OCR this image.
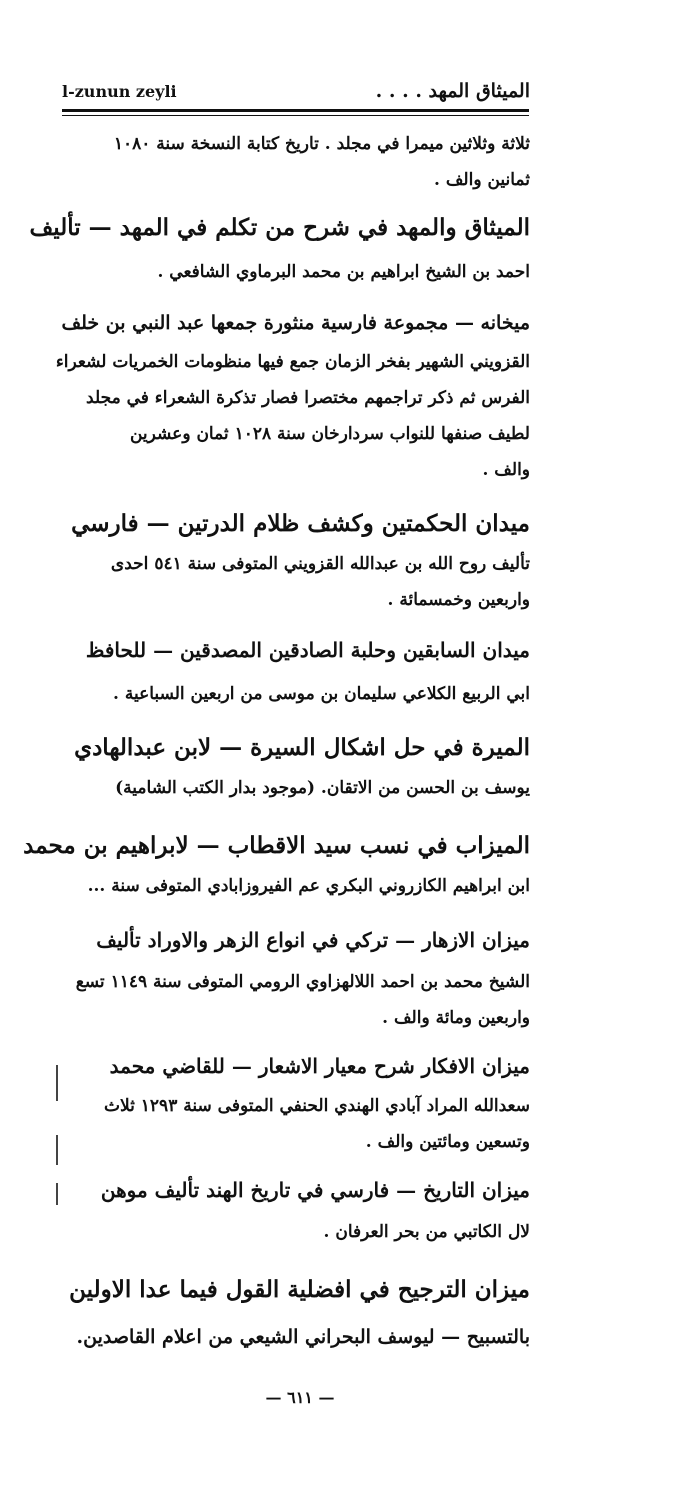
الميثاق المهد . . . .
l-zunun zeyli
ثلاثة وثلاثين ميمرا في مجلد . تاريخ كتابة النسخة سنة ١٠٨٠
ثمانين والف .
الميثاق والمهد في شرح من تكلم في المهد — تأليف
احمد بن الشيخ ابراهيم بن محمد البرماوي الشافعي .
ميخانه — مجموعة فارسية منثورة جمعها عبد النبي بن خلف
القزويني الشهير بفخر الزمان جمع فيها منظومات الخمريات لشعراء
الفرس ثم ذكر تراجمهم مختصرا فصار تذكرة الشعراء في مجلد
لطيف صنفها للنواب سردارخان سنة ١٠٢٨ ثمان وعشرين
والف .
ميدان الحكمتين وكشف ظلام الدرتين — فارسي
تأليف روح الله بن عبدالله القزويني المتوفى سنة ٥٤١ احدى
واربعين وخمسمائة .
ميدان السابقين وحلبة الصادقين المصدقين — للحافظ
ابي الربيع الكلاعي سليمان بن موسى من اربعين السباعية .
الميرة في حل اشكال السيرة — لابن عبدالهادي
يوسف بن الحسن من الاتقان. (موجود بدار الكتب الشامية)
الميزاب في نسب سيد الاقطاب — لابراهيم بن محمد
ابن ابراهيم الكازروني البكري عم الفيروزابادي المتوفى سنة ...
ميزان الازهار — تركي في انواع الزهر والاوراد تأليف
الشيخ محمد بن احمد اللالهزاوي الرومي المتوفى سنة ١١٤٩ تسع
واربعين ومائة والف .
ميزان الافكار شرح معيار الاشعار — للقاضي محمد
سعدالله المراد آبادي الهندي الحنفي المتوفى سنة ١٢٩٣ ثلاث
وتسعين ومائتين والف .
ميزان التاريخ — فارسي في تاريخ الهند تأليف موهن
لال الكاتبي من بحر العرفان .
ميزان الترجيح في افضلية القول فيما عدا الاولين
بالتسبيح — ليوسف البحراني الشيعي من اعلام القاصدين.
— ٦١١ —
